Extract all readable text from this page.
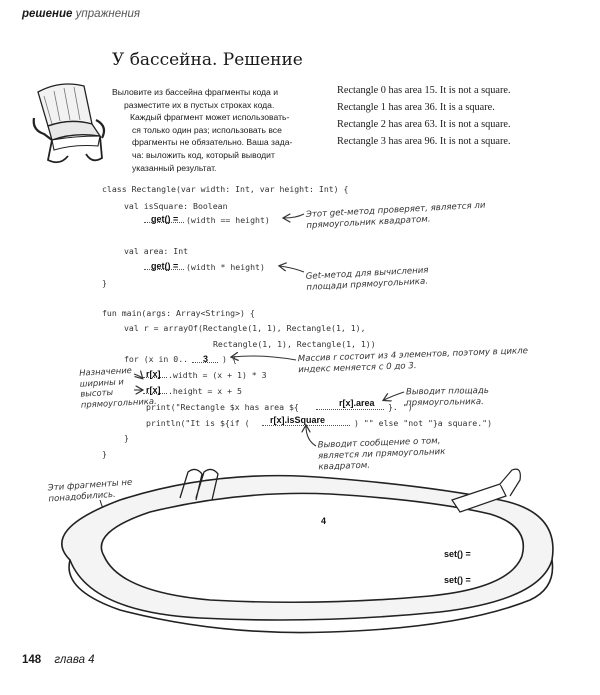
решение упражнения
У бассейна. Решение
Выловите из бассейна фрагменты кода и
разместите их в пустых строках кода.
Каждый фрагмент может использовать-
ся только один раз; использовать все
фрагменты не обязательно. Ваша зада-
ча: выложить код, который выводит
указанный результат.
Rectangle 0 has area 15. It is not a square.
Rectangle 1 has area 36. It is a square.
Rectangle 2 has area 63. It is not a square.
Rectangle 3 has area 96. It is not a square.
class Rectangle(var width: Int, var height: Int) {
val isSquare: Boolean
get() = (width == height)
val area: Int
get() = (width * height)
}
fun main(args: Array<String>) {
val r = arrayOf(Rectangle(1, 1), Rectangle(1, 1),
Rectangle(1, 1), Rectangle(1, 1))
for (x in 0.. 3 ) {
r[x] .width = (x + 1) * 3
r[x] .height = x + 5
print("Rectangle $x has area ${	r[x].area }. ")
println("It is ${if ( r[x].isSquare	) "" else "not "}a square.")
}
}
Этот get-метод проверяет, является ли прямоугольник квадратом.
Get-метод для вычисления площади прямоугольника.
Массив r состоит из 4 элементов, поэтому в цикле индекс меняется с 0 до 3.
Выводит площадь прямоугольника.
Выводит сообщение о том, является ли прямоугольник квадратом.
Назначение ширины и высоты прямоугольника.
Эти фрагменты не понадобились.
4
set() =
set() =
148 глава 4
